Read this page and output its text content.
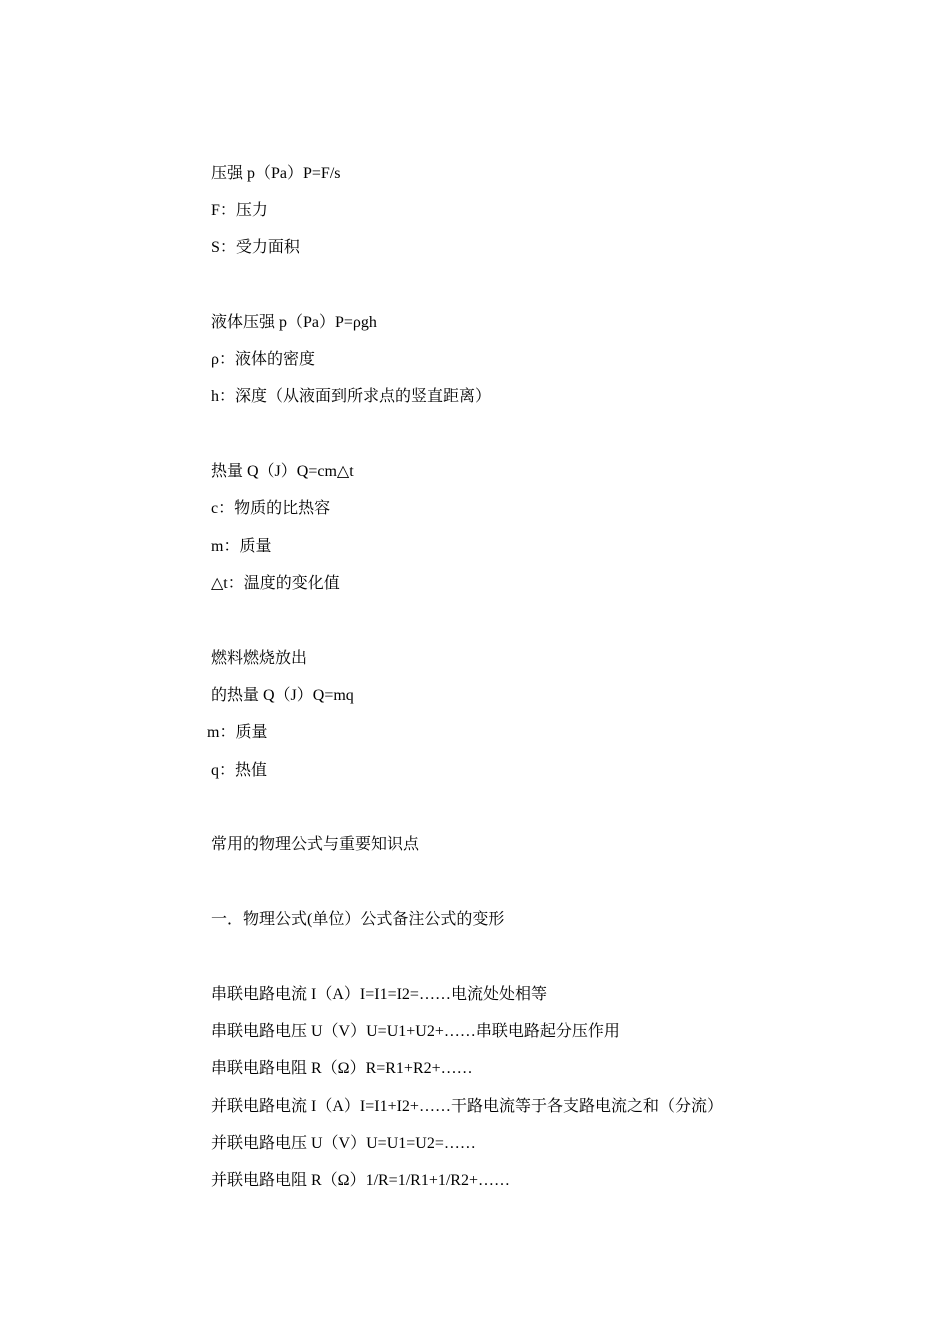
压强 p（Pa）P=F/s

F：压力

S：受力面积

液体压强 p（Pa）P=ρgh

ρ：液体的密度

h：深度（从液面到所求点的竖直距离）

热量 Q（J）Q=cm△t

c：物质的比热容

m：质量

△t：温度的变化值

燃料燃烧放出

的热量 Q（J）Q=mq

m：质量

q：热值

常用的物理公式与重要知识点

一．物理公式(单位）公式备注公式的变形

串联电路电流 I（A）I=I1=I2=……电流处处相等

串联电路电压 U（V）U=U1+U2+……串联电路起分压作用

串联电路电阻 R（Ω）R=R1+R2+……

并联电路电流 I（A）I=I1+I2+……干路电流等于各支路电流之和（分流）

并联电路电压 U（V）U=U1=U2=……

并联电路电阻 R（Ω）1/R=1/R1+1/R2+……
